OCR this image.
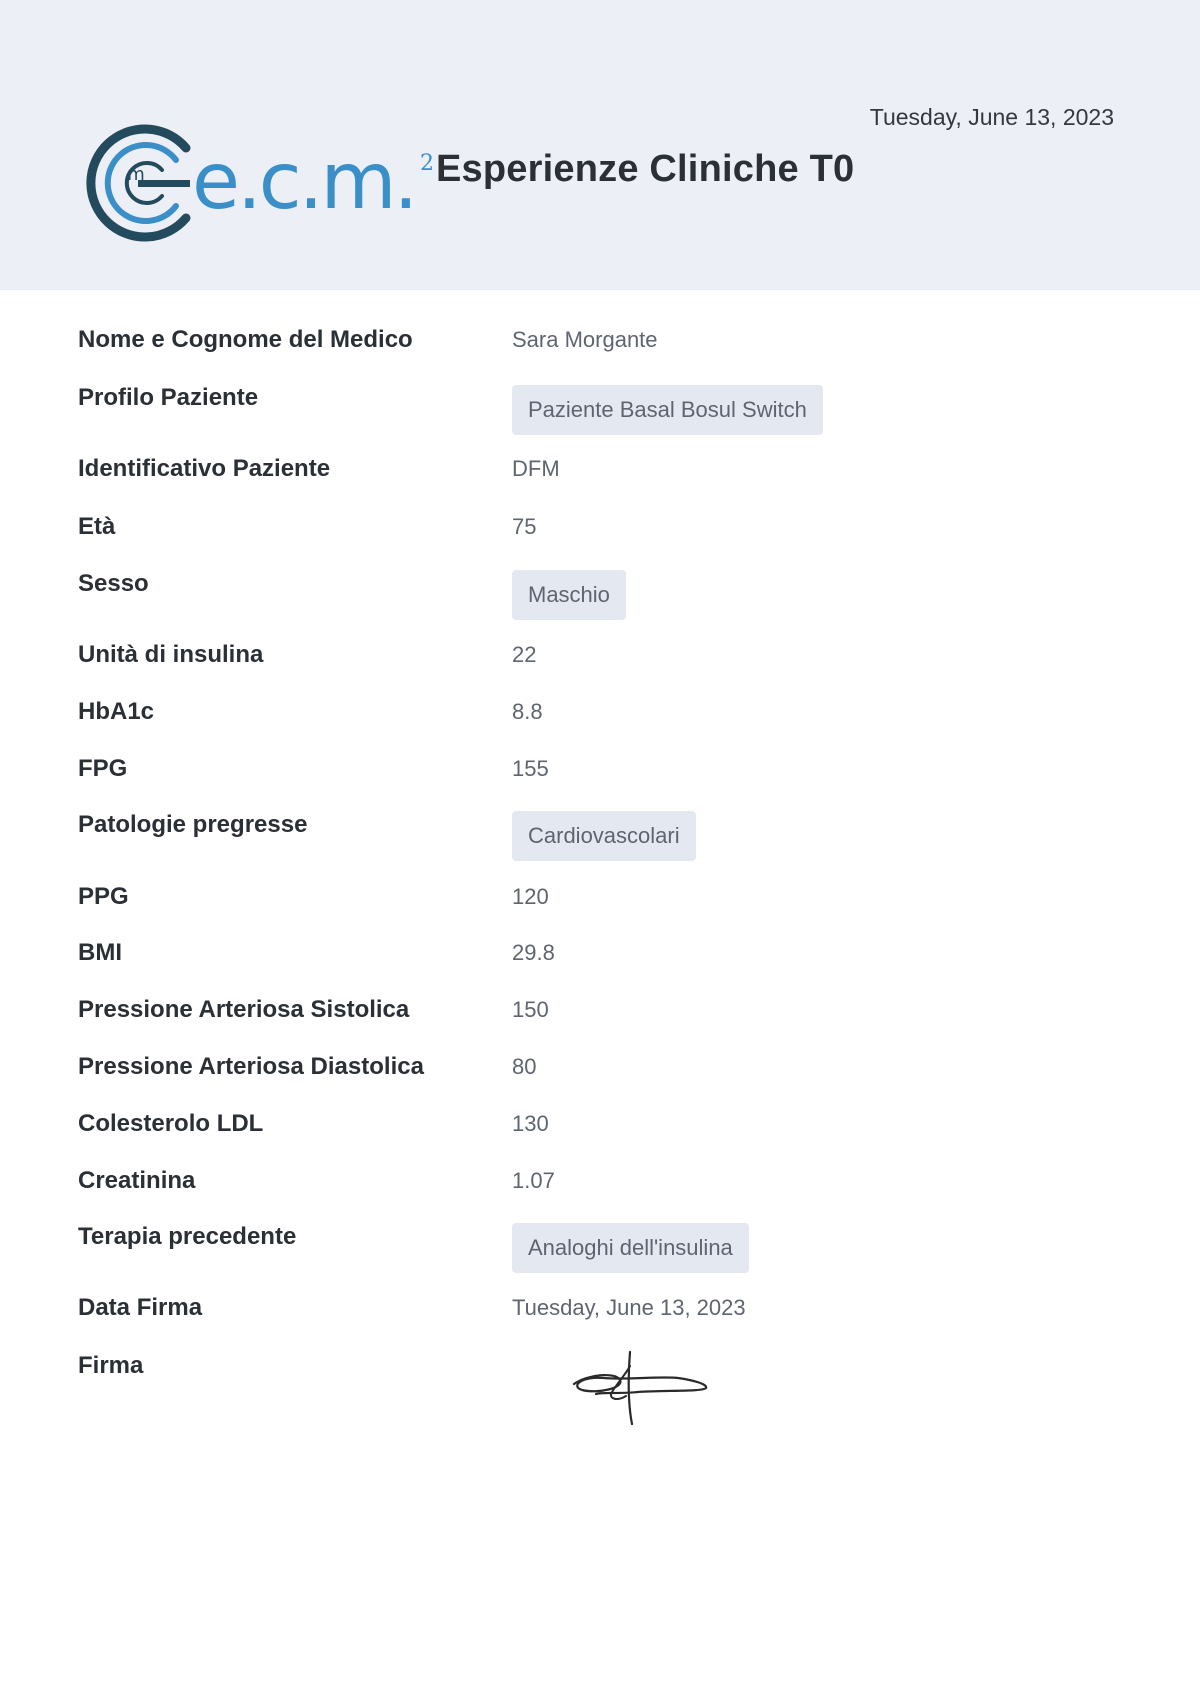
m e.c.m. 2 Esperienze Cliniche T0
Tuesday, June 13, 2023
Nome e Cognome del Medico	Sara Morgante
Profilo Paziente	Paziente Basal Bosul Switch
Identificativo Paziente	DFM
Età	75
Sesso	Maschio
Unità di insulina	22
HbA1c	8.8
FPG	155
Patologie pregresse	Cardiovascolari
PPG	120
BMI	29.8
Pressione Arteriosa Sistolica	150
Pressione Arteriosa Diastolica	80
Colesterolo LDL	130
Creatinina	1.07
Terapia precedente	Analoghi dell'insulina
Data Firma	Tuesday, June 13, 2023
Firma
